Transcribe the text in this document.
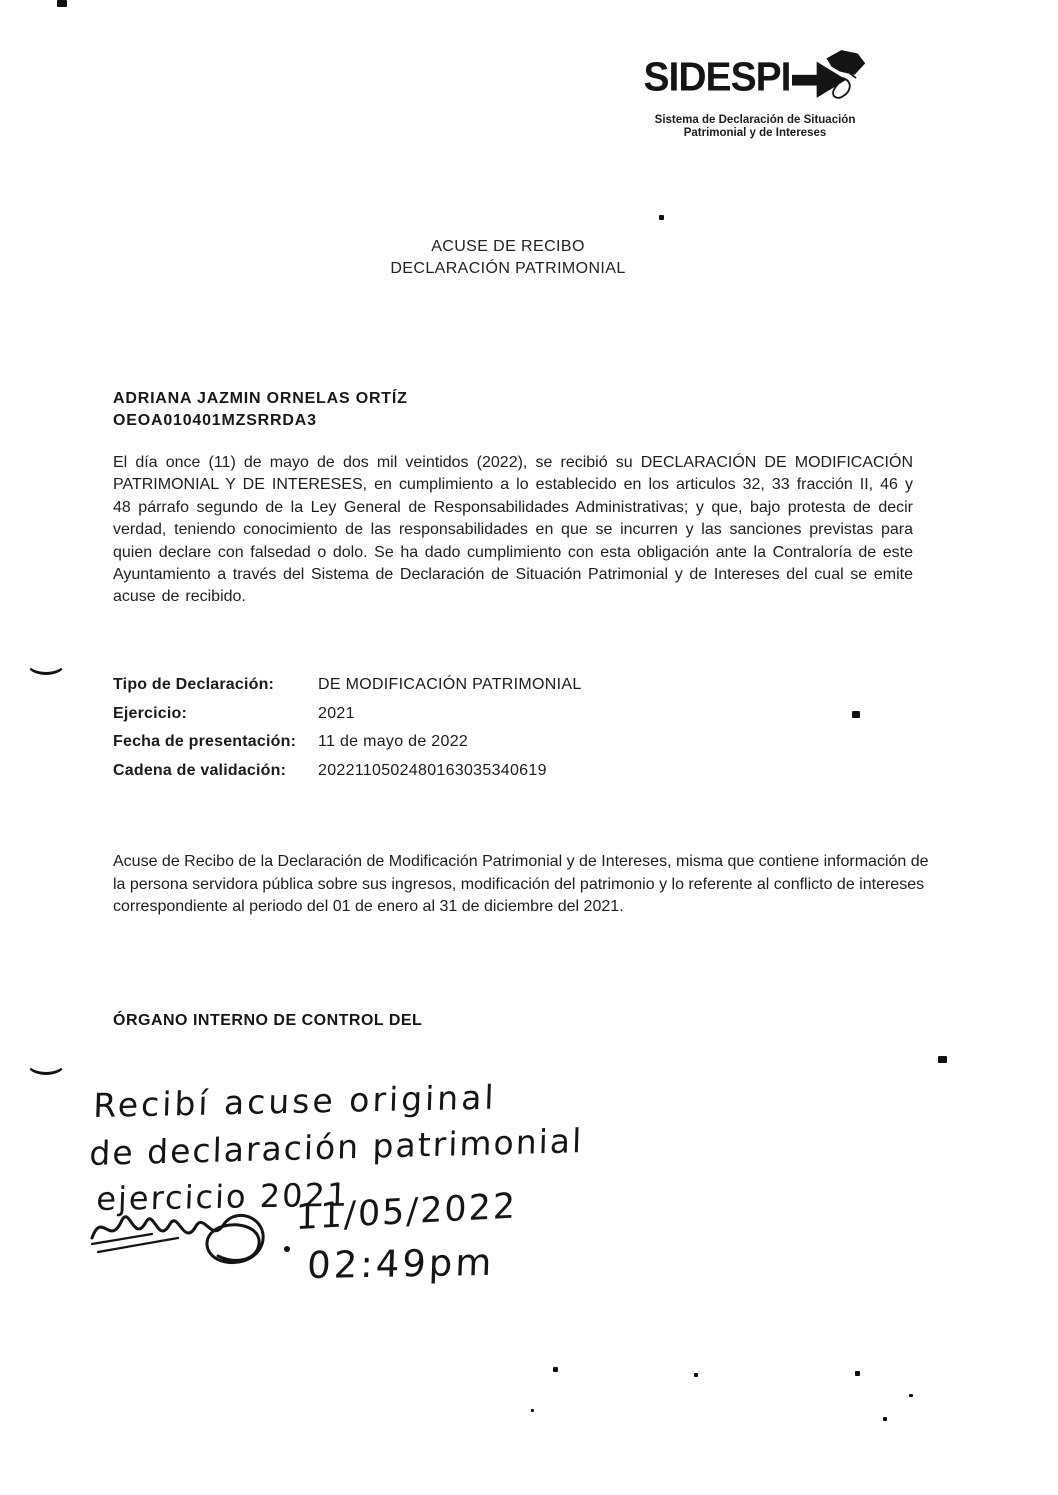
SIDESPI
Sistema de Declaración de Situación
Patrimonial y de Intereses
ACUSE DE RECIBO
DECLARACIÓN PATRIMONIAL
ADRIANA JAZMIN ORNELAS ORTÍZ
OEOA010401MZSRRDA3

El día once (11) de mayo de dos mil veintidos (2022), se recibió su DECLARACIÓN DE MODIFICACIÓN PATRIMONIAL Y DE INTERESES, en cumplimiento a lo establecido en los articulos 32, 33 fracción II, 46 y 48 párrafo segundo de la Ley General de Responsabilidades Administrativas; y que, bajo protesta de decir verdad, teniendo conocimiento de las responsabilidades en que se incurren y las sanciones previstas para quien declare con falsedad o dolo. Se ha dado cumplimiento con esta obligación ante la Contraloría de este Ayuntamiento a través del Sistema de Declaración de Situación Patrimonial y de Intereses del cual se emite acuse de recibido.

Tipo de Declaración:	DE MODIFICACIÓN PATRIMONIAL
Ejercicio:	2021
Fecha de presentación:	11 de mayo de 2022
Cadena de validación:	2022110502480163035340619

Acuse de Recibo de la Declaración de Modificación Patrimonial y de Intereses, misma que contiene información de la persona servidora pública sobre sus ingresos, modificación del patrimonio y lo referente al conflicto de intereses correspondiente al periodo del 01 de enero al 31 de diciembre del 2021.

ÓRGANO INTERNO DE CONTROL DEL
Recibí acuse original
de declaración patrimonial
ejercicio 2021
11/05/2022
02:49pm
